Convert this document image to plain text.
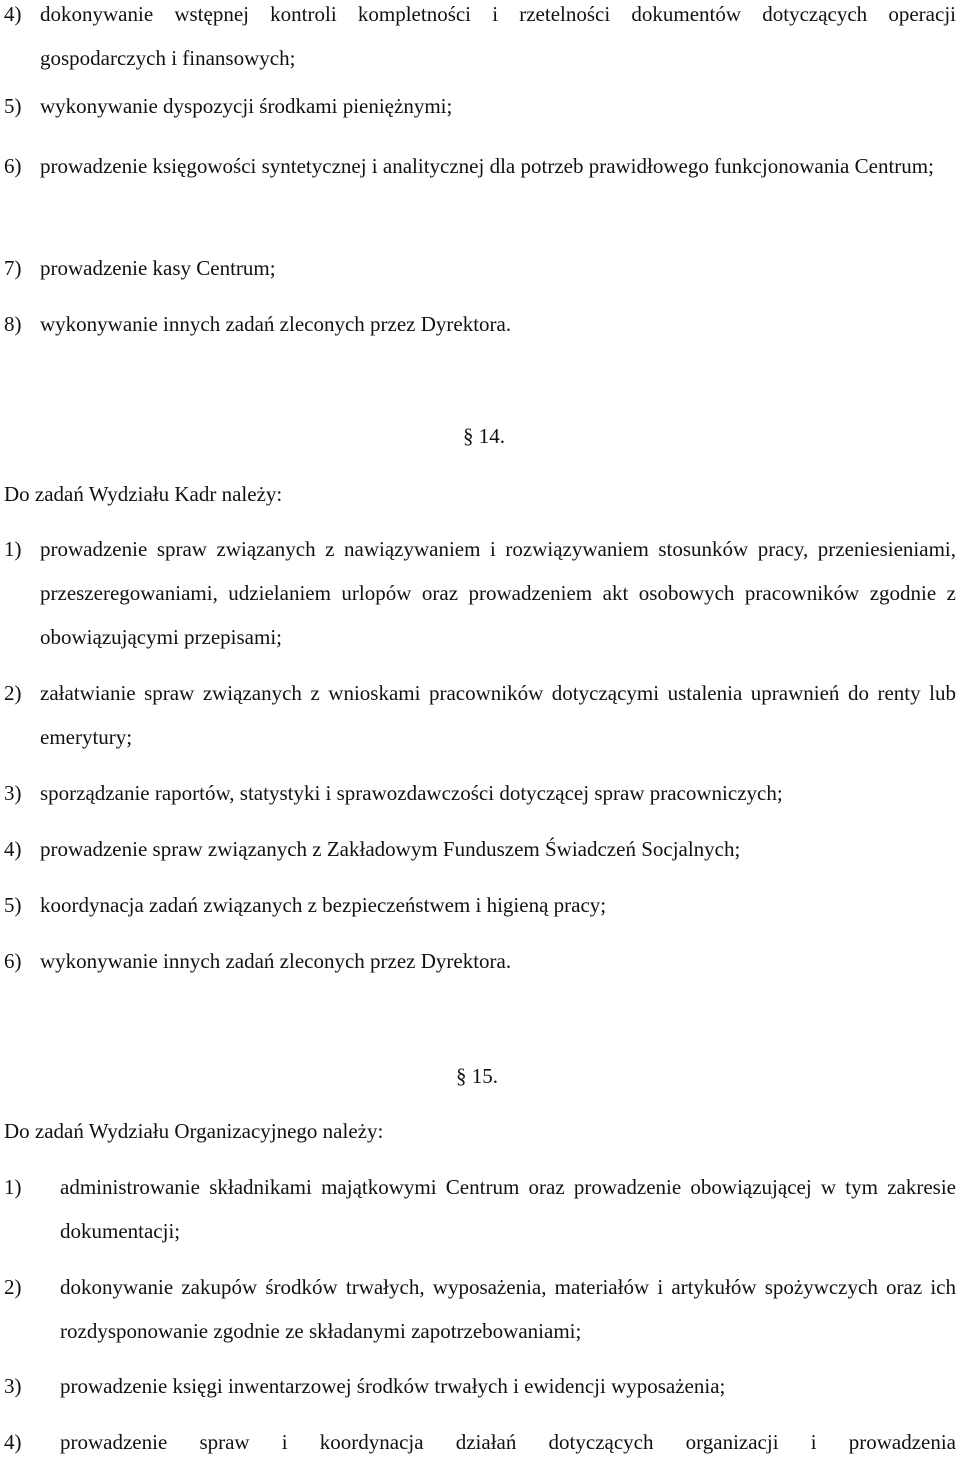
4) dokonywanie wstępnej kontroli kompletności i rzetelności dokumentów dotyczących operacji gospodarczych i finansowych;
5) wykonywanie dyspozycji środkami pieniężnymi;
6) prowadzenie księgowości syntetycznej i analitycznej dla potrzeb prawidłowego funkcjonowania Centrum;
7) prowadzenie kasy Centrum;
8) wykonywanie innych zadań zleconych przez Dyrektora.
§ 14.
Do zadań Wydziału Kadr należy:
1) prowadzenie spraw związanych z nawiązywaniem i rozwiązywaniem stosunków pracy, przeniesieniami, przeszeregowaniami, udzielaniem urlopów oraz prowadzeniem akt osobowych pracowników zgodnie z obowiązującymi przepisami;
2) załatwianie spraw związanych z wnioskami pracowników dotyczącymi ustalenia uprawnień do renty lub emerytury;
3) sporządzanie raportów, statystyki i sprawozdawczości dotyczącej spraw pracowniczych;
4) prowadzenie spraw związanych z Zakładowym Funduszem Świadczeń Socjalnych;
5) koordynacja zadań związanych z bezpieczeństwem i higieną pracy;
6) wykonywanie innych zadań zleconych przez Dyrektora.
§ 15.
Do zadań Wydziału Organizacyjnego należy:
1) administrowanie składnikami majątkowymi Centrum oraz prowadzenie obowiązującej w tym zakresie dokumentacji;
2) dokonywanie zakupów środków trwałych, wyposażenia, materiałów i artykułów spożywczych oraz ich rozdysponowanie zgodnie ze składanymi zapotrzebowaniami;
3) prowadzenie księgi inwentarzowej środków trwałych i ewidencji wyposażenia;
4) prowadzenie spraw i koordynacja działań dotyczących organizacji i prowadzenia
